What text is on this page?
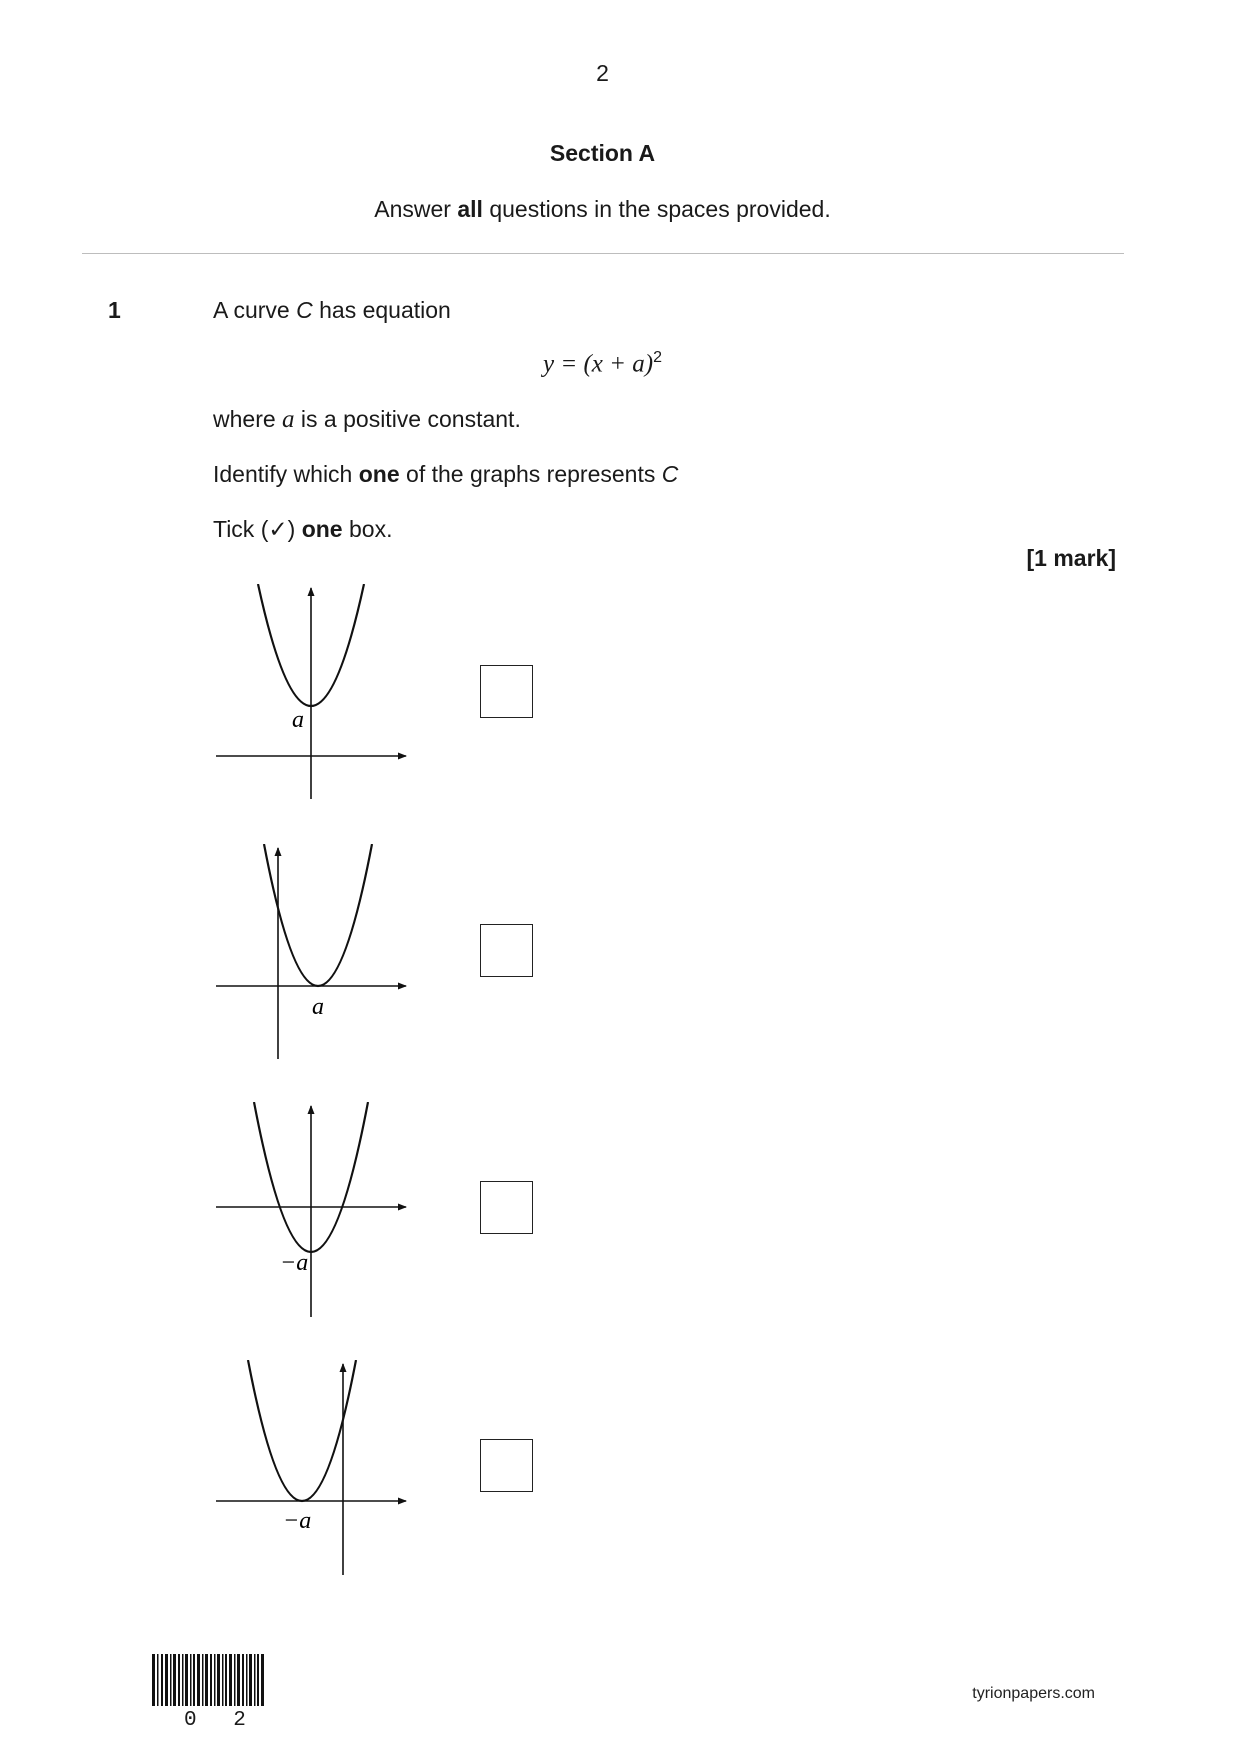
2
Section A
Answer all questions in the spaces provided.
1	A curve C has equation
$y = (x + a)^2$
where a is a positive constant.
Identify which one of the graphs represents C
Tick (✓) one box.
[1 mark]
a
a
−a
−a
0 2
tyrionpapers.com
